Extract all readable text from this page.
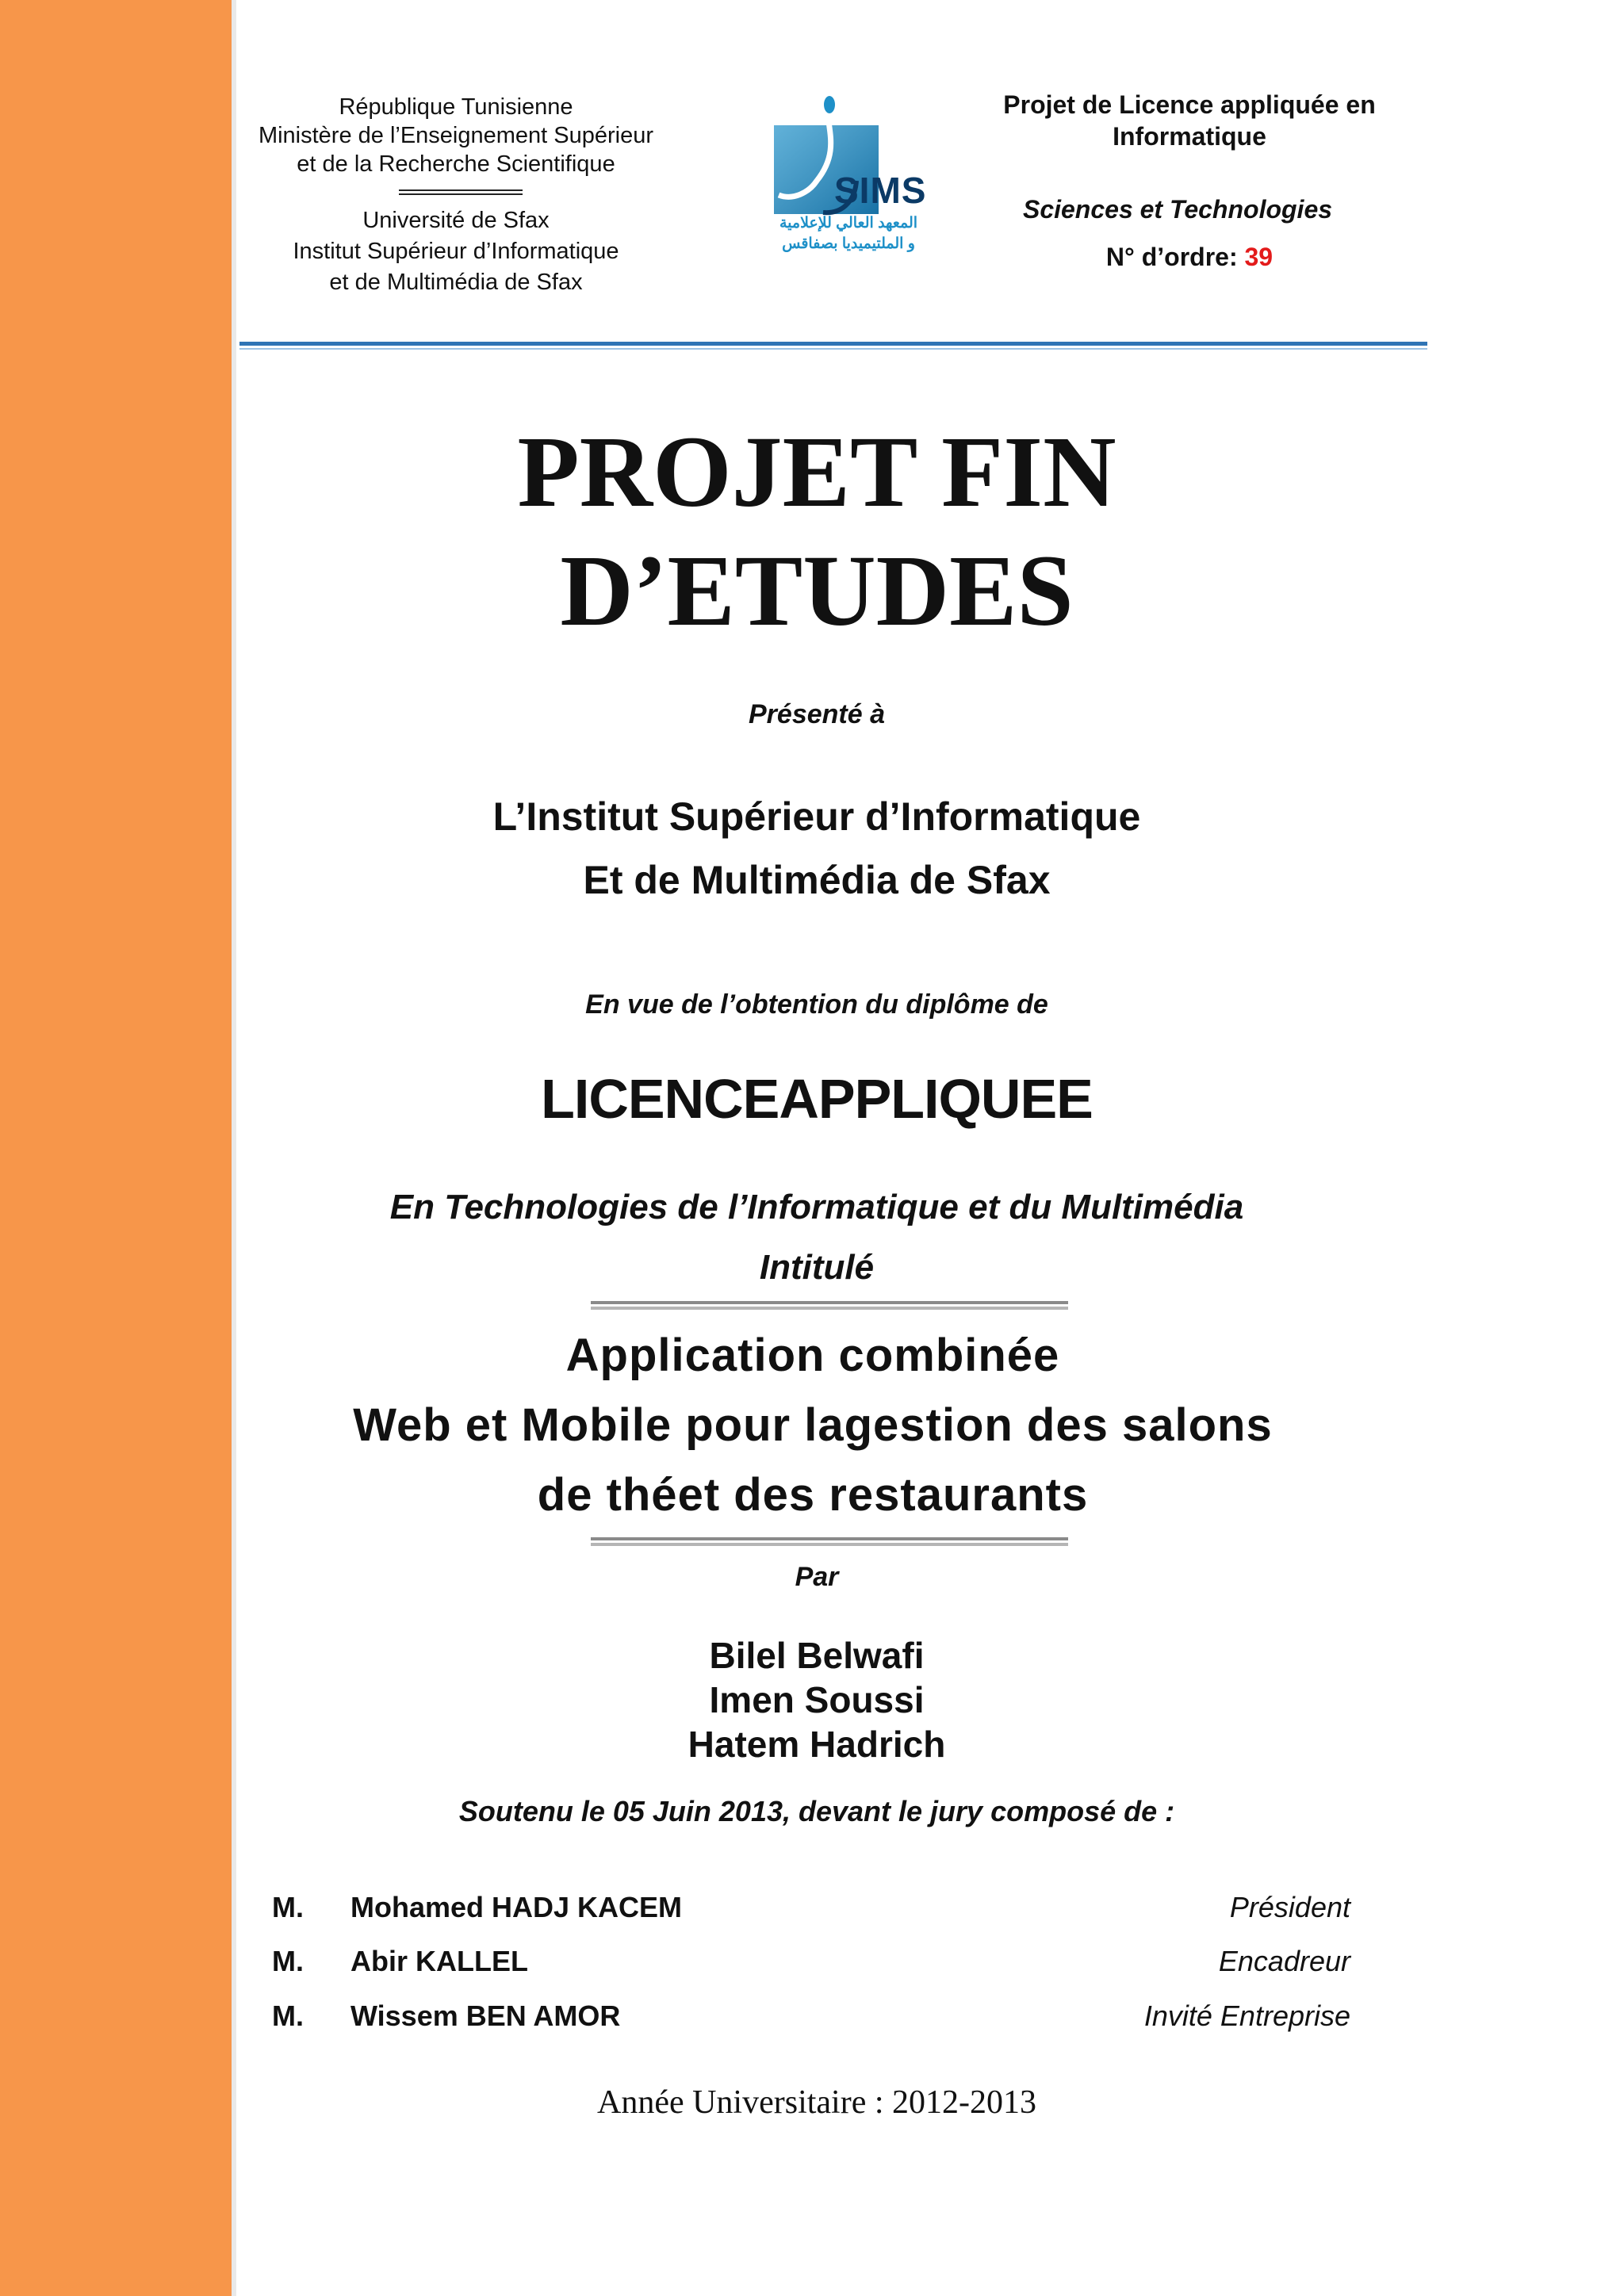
République Tunisienne
Ministère de l’Enseignement Supérieur
et de la Recherche Scientifique
Université de Sfax
Institut Supérieur d’Informatique
et de Multimédia de Sfax
SIMS
المعهد العالي للإعلامية
و الملتيميديا بصفاقس
Projet de Licence appliquée en
Informatique
Sciences et Technologies
N° d’ordre: 39
PROJET FIN
D’ETUDES
Présenté à
L’Institut Supérieur d’Informatique
Et de Multimédia de Sfax
En vue de l’obtention du diplôme de
LICENCEAPPLIQUEE
En Technologies de l’Informatique et du Multimédia
Intitulé
Application combinée
Web et Mobile pour lagestion des salons
de théet des restaurants
Par
Bilel Belwafi
Imen Soussi
Hatem Hadrich
Soutenu le 05 Juin 2013, devant le jury composé de :
M. Mohamed HADJ KACEM	Président
M. Abir KALLEL	Encadreur
M. Wissem BEN AMOR	Invité Entreprise
Année Universitaire : 2012-2013
